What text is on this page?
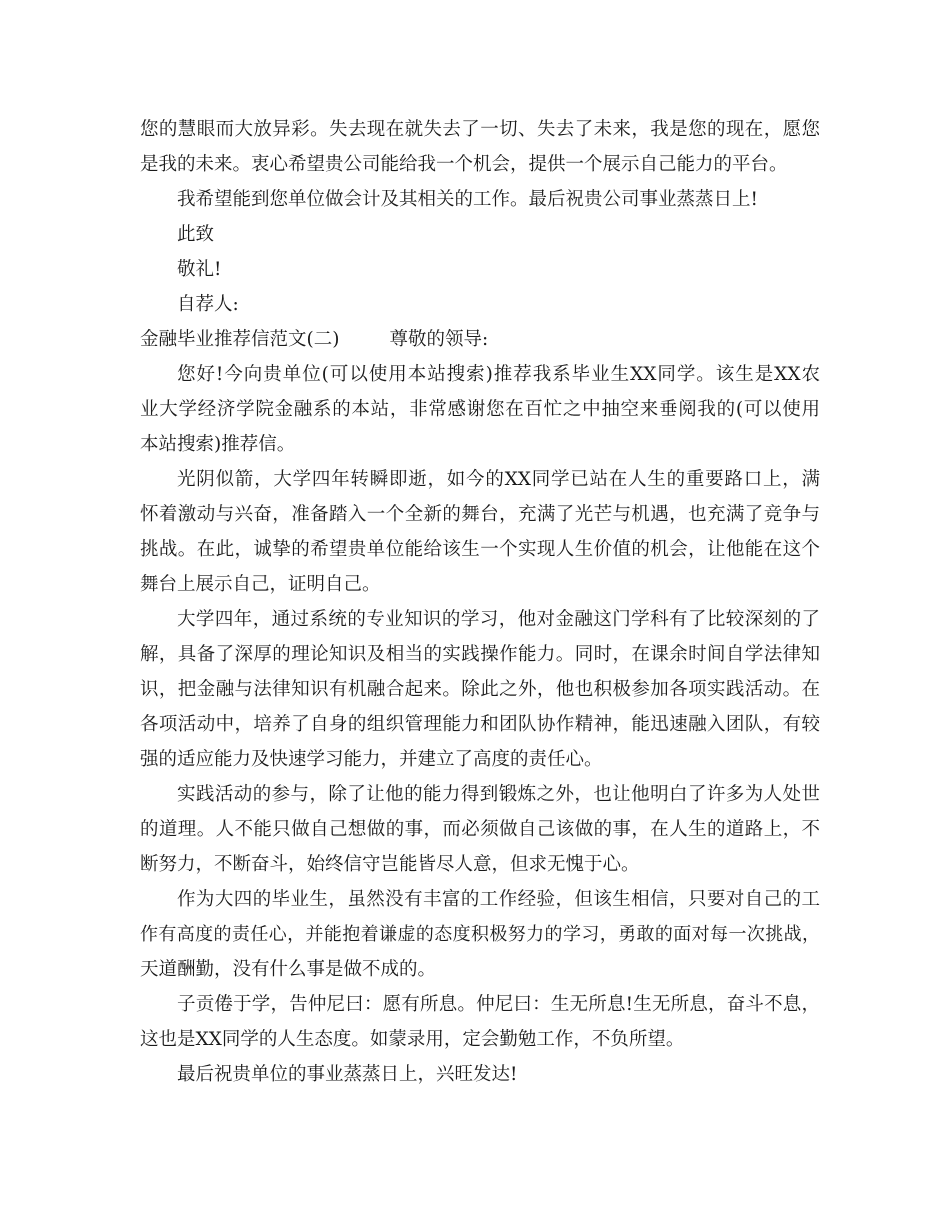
您的慧眼而大放异彩。失去现在就失去了一切、失去了未来，我是您的现在，愿您
是我的未来。衷心希望贵公司能给我一个机会，提供一个展示自己能力的平台。
我希望能到您单位做会计及其相关的工作。最后祝贵公司事业蒸蒸日上!
此致
敬礼!
自荐人:
金融毕业推荐信范文(二)	尊敬的领导:
您好!今向贵单位(可以使用本站搜索)推荐我系毕业生XX同学。该生是XX农
业大学经济学院金融系的本站，非常感谢您在百忙之中抽空来垂阅我的(可以使用
本站搜索)推荐信。
光阴似箭，大学四年转瞬即逝，如今的XX同学已站在人生的重要路口上，满
怀着激动与兴奋，准备踏入一个全新的舞台，充满了光芒与机遇，也充满了竞争与
挑战。在此，诚挚的希望贵单位能给该生一个实现人生价值的机会，让他能在这个
舞台上展示自己，证明自己。
大学四年，通过系统的专业知识的学习，他对金融这门学科有了比较深刻的了
解，具备了深厚的理论知识及相当的实践操作能力。同时，在课余时间自学法律知
识，把金融与法律知识有机融合起来。除此之外，他也积极参加各项实践活动。在
各项活动中，培养了自身的组织管理能力和团队协作精神，能迅速融入团队，有较
强的适应能力及快速学习能力，并建立了高度的责任心。
实践活动的参与，除了让他的能力得到锻炼之外，也让他明白了许多为人处世
的道理。人不能只做自己想做的事，而必须做自己该做的事，在人生的道路上，不
断努力，不断奋斗，始终信守岂能皆尽人意，但求无愧于心。
作为大四的毕业生，虽然没有丰富的工作经验，但该生相信，只要对自己的工
作有高度的责任心，并能抱着谦虚的态度积极努力的学习，勇敢的面对每一次挑战，
天道酬勤，没有什么事是做不成的。
子贡倦于学，告仲尼曰：愿有所息。仲尼曰：生无所息!生无所息，奋斗不息，
这也是XX同学的人生态度。如蒙录用，定会勤勉工作，不负所望。
最后祝贵单位的事业蒸蒸日上，兴旺发达!
